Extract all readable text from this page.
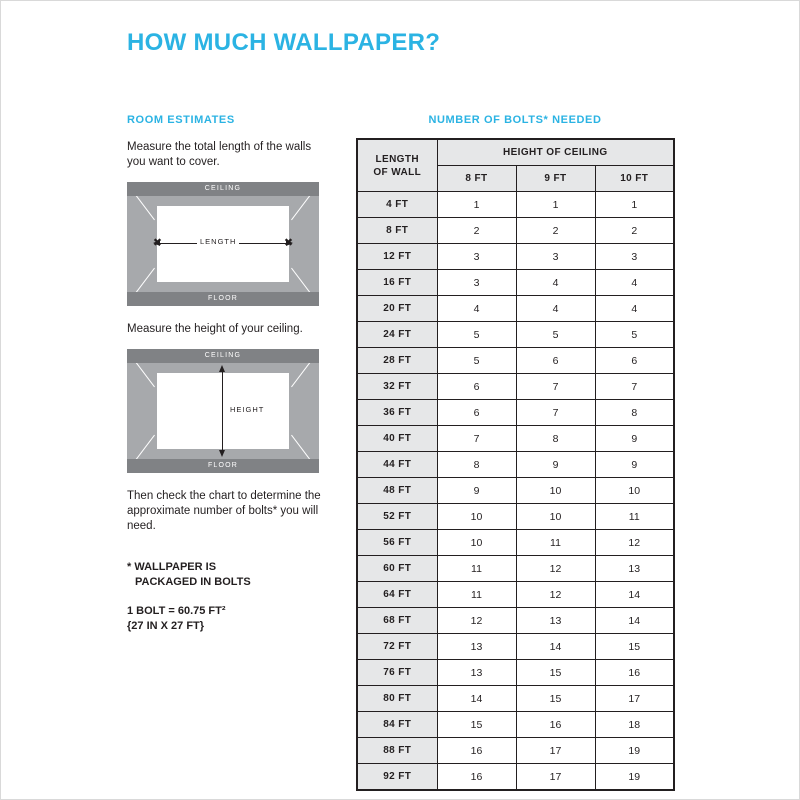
HOW MUCH WALLPAPER?
ROOM ESTIMATES

Measure the total length of the walls you want to cover.

CEILING
FLOOR
✖	✖
LENGTH

Measure the height of your ceiling.

CEILING
FLOOR
HEIGHT

Then check the chart to determine the approximate number of bolts* you will need.

* WALLPAPER IS
PACKAGED IN BOLTS
1 BOLT = 60.75 FT²
{27 IN X 27 FT}
NUMBER OF BOLTS* NEEDED
LENGTH
OF WALL	HEIGHT OF CEILING		
	8 FT	9 FT	10 FT
4 FT	1	1	1
8 FT	2	2	2
12 FT	3	3	3
16 FT	3	4	4
20 FT	4	4	4
24 FT	5	5	5
28 FT	5	6	6
32 FT	6	7	7
36 FT	6	7	8
40 FT	7	8	9
44 FT	8	9	9
48 FT	9	10	10
52 FT	10	10	11
56 FT	10	11	12
60 FT	11	12	13
64 FT	11	12	14
68 FT	12	13	14
72 FT	13	14	15
76 FT	13	15	16
80 FT	14	15	17
84 FT	15	16	18
88 FT	16	17	19
92 FT	16	17	19
